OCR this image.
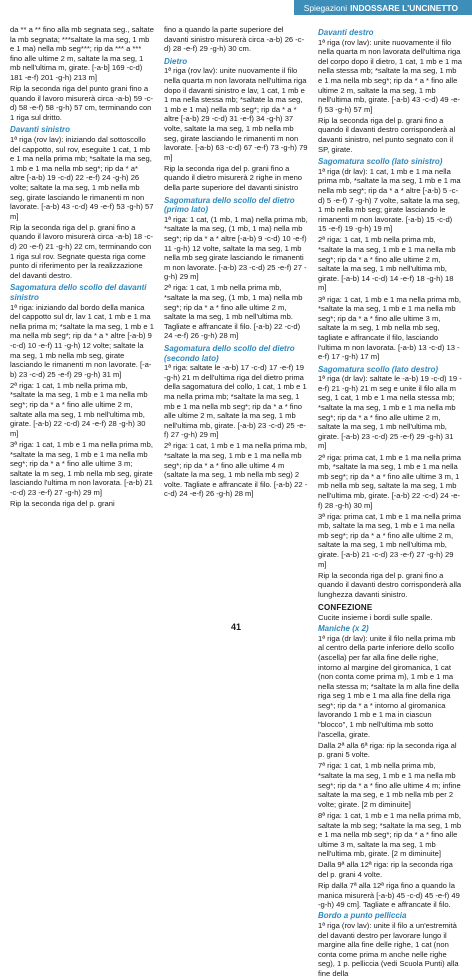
Spiegazioni INDOSSARE L'UNCINETTO

da ** a ** fino alla mb segnata seg., saltate la mb segnata; ***saltate la ma seg, 1 mb e 1 ma) nella mb seg***; rip da *** a *** fino alle ultime 2 m, saltate la ma seg, 1 mb nell'ultima m, girate. [-a-b] 169 -c-d) 181 -e-f) 201 -g-h) 213 m]

Rip la seconda riga del punto grani fino a quando il lavoro misurerà circa -a-b) 59 -c-d) 58 -e-f) 58 -g-h) 57 cm, terminando con 1 riga sul dritto.

Davanti sinistro

1ª riga (rov lav): iniziando dal sottoscollo del cappotto, sul rov, eseguite 1 cat, 1 mb e 1 ma nella prima mb; *saltate la ma seg, 1 mb e 1 ma nella mb seg*; rip da * a* altre [-a-b) 19 -c-d) 22 -e-f) 24 -g-h) 26 volte; saltate la ma seg, 1 mb nella mb seg, girate lasciando le rimanenti m non lavorate. [-a-b) 43 -c-d) 49 -e-f) 53 -g-h) 57 m]

Rip la seconda riga del p. grani fino a quando il lavoro misurerà circa -a-b) 18 -c-d) 20 -e-f) 21 -g-h) 22 cm, terminando con 1 riga sul rov. Segnate questa riga come punto di riferimento per la realizzazione del davanti destro.

Sagomatura dello scollo del davanti sinistro

1ª riga: iniziando dal bordo della manica del cappotto sul dr, lav 1 cat, 1 mb e 1 ma nella prima m; *saltate la ma seg, 1 mb e 1 ma nella mb seg*; rip da * a * altre [-a-b) 9 -c-d) 10 -e-f) 11 -g-h) 12 volte; saltate la ma seg, 1 mb nella mb seg, girate lasciando le rimanenti m non lavorate. [-a-b) 23 -c-d) 25 -e-f) 29 -g-h) 31 m]

2ª riga: 1 cat, 1 mb nella prima mb, *saltate la ma seg, 1 mb e 1 ma nella mb seg*; rip da * a * fino alle ultime 2 m, saltate alla ma seg, 1 mb nell'ultima mb, girate. [-a-b) 22 -c-d) 24 -e-f) 28 -g-h) 30 m]

3ª riga: 1 cat, 1 mb e 1 ma nella prima mb, *saltate la ma seg, 1 mb e 1 ma nella mb seg*; rip da * a * fino alle ultime 3 m; saltate la m seg, 1 mb nella mb seg, girate lasciando l'ultima m non lavorata. [-a-b) 21 -c-d) 23 -e-f) 27 -g-h) 29 m]

Rip la seconda riga del p. grani

fino a quando la parte superiore del davanti sinistro misurerà circa -a-b) 26 -c-d) 28 -e-f) 29 -g-h) 30 cm.

Dietro

1ª riga (rov lav): unite nuovamente il filo nella quarta m non lavorata nell'ultima riga dopo il davanti sinistro e lav, 1 cat, 1 mb e 1 ma nella stessa mb; *saltate la ma seg, 1 mb e 1 ma) nella mb seg*; rip da * a * altre [-a-b) 29 -c-d) 31 -e-f) 34 -g-h) 37 volte, saltate la ma seg, 1 mb nella mb seg, girate lasciando le rimanenti m non lavorate. [-a-b) 63 -c-d) 67 -e-f) 73 -g-h) 79 m]

Rip la seconda riga del p. grani fino a quando il dietro misurerà 2 righe in meno della parte superiore del davanti sinistro

Sagomatura dello scollo del dietro (primo lato)

1ª riga: 1 cat, (1 mb, 1 ma) nella prima mb, *saltate la ma seg, (1 mb, 1 ma) nella mb seg*; rip da * a * altre [-a-b) 9 -c-d) 10 -e-f) 11 -g-h) 12 volte, saltate la ma seg, 1 mb nella mb seg girate lasciando le rimanenti m non lavorate. [-a-b) 23 -c-d) 25 -e-f) 27 -g-h) 29 m]

2ª riga: 1 cat, 1 mb nella prima mb, *saltate la ma seg, (1 mb, 1 ma) nella mb seg*; rip da * a * fino alle ultime 2 m, saltate la ma seg, 1 mb nell'ultima mb. Tagliate e affrancate il filo. [-a-b) 22 -c-d) 24 -e-f) 26 -g-h) 28 m]

Sagomatura dello scollo del dietro (secondo lato)

1ª riga: saltate le -a-b) 17 -c-d) 17 -e-f) 19 -g-h) 21 m dell'ultima riga del dietro prima della sagomatura del collo, 1 cat, 1 mb e 1 ma nella prima mb; *saltate la ma seg, 1 mb e 1 ma nella mb seg*; rip da * a * fino alle ultime 2 m, saltate la ma seg, 1 mb nell'ultima mb, girate. [-a-b) 23 -c-d) 25 -e-f) 27 -g-h) 29 m]

2ª riga: 1 cat, 1 mb e 1 ma nella prima mb, *saltate la ma seg, 1 mb e 1 ma nella mb seg*; rip da * a * fino alle ultime 4 m (saltate la ma seg, 1 mb nella mb seg) 2 volte. Tagliate e affrancate il filo. [-a-b) 22 -c-d) 24 -e-f) 26 -g-h) 28 m]

Davanti destro

1ª riga (rov lav): unite nuovamente il filo nella quarta m non lavorata dell'ultima riga del corpo dopo il dietro, 1 cat, 1 mb e 1 ma nella stessa mb; *saltate la ma seg, 1 mb e 1 ma nella mb seg*; rip da * a * fino alle ultime 2 m, saltate la ma seg, 1 mb nell'ultima mb, girate. [-a-b) 43 -c-d) 49 -e-f) 53 -g-h) 57 m]

Rip la seconda riga del p. grani fino a quando il davanti destro corrisponderà al davanti sinistro, nel punto segnato con il SP, girate.

Sagomatura scollo (lato sinistro)

1ª riga (dr lav): 1 cat, 1 mb e 1 ma nella prima mb, *saltate la ma seg, 1 mb e 1 ma nella mb seg*; rip da * a * altre [-a-b) 5 -c-d) 5 -e-f) 7 -g-h) 7 volte, saltate la ma seg, 1 mb nella mb seg; girate lasciando le rimanenti m non lavorate. [-a-b) 15 -c-d) 15 -e-f) 19 -g-h) 19 m]

2ª riga: 1 cat, 1 mb nella prima mb, *saltate la ma seg, 1 mb e 1 ma nella mb seg*; rip da * a * fino alle ultime 2 m, saltate la ma seg, 1 mb nell'ultima mb, girate. [-a-b) 14 -c-d) 14 -e-f) 18 -g-h) 18 m]

3ª riga: 1 cat, 1 mb e 1 ma nella prima mb, *saltate la ma seg, 1 mb e 1 ma nella mb seg*; rip da * a * fino alle ultime 3 m, saltate la m seg, 1 mb nella mb seg, tagliate e affrancate il filo, lasciando l'ultima m non lavorata. [-a-b) 13 -c-d) 13 -e-f) 17 -g-h) 17 m]

Sagomatura scollo (lato destro)

1ª riga (dr lav): saltate le -a-b) 19 -c-d) 19 -e-f) 21 -g-h) 21 m seg e unite il filo alla m seg, 1 cat, 1 mb e 1 ma nella stessa mb; *saltate la ma seg, 1 mb e 1 ma nella mb seg*; rip da * a * fino alle ultime 2 m, saltate la ma seg, 1 mb nell'ultima mb, girate. [-a-b) 23 -c-d) 25 -e-f) 29 -g-h) 31 m]

2ª riga: prima cat, 1 mb e 1 ma nella prima mb, *saltate la ma seg, 1 mb e 1 ma nella mb seg*; rip da * a * fino alle ultime 3 m, 1 mb nella mb seg, saltate la ma seg, 1 mb nell'ultima mb, girate. [-a-b) 22 -c-d) 24 -e-f) 28 -g-h) 30 m]

3ª riga: prima cat, 1 mb e 1 ma nella prima mb, saltate la ma seg, 1 mb e 1 ma nella mb seg*; rip da * a * fino alle ultime 2 m, saltate la ma seg, 1 mb nell'ultima mb, girate. [-a-b) 21 -c-d) 23 -e-f) 27 -g-h) 29 m]

Rip la seconda riga del p. grani fino a quando il davanti destro corrisponderà alla lunghezza davanti sinistro.

CONFEZIONE

Cucite insieme i bordi sulle spalle.

Maniche (x 2)

1ª riga (dr lav): unite il filo nella prima mb al centro della parte inferiore dello scollo (ascella) per far alla fine delle righe, intorno al margine del giromanica, 1 cat (non conta come prima m), 1 mb e 1 ma nella stessa m; *saltate la m alla fine della riga seg 1 mb e 1 ma alla fine della riga seg*; rip da * a * intorno al giromanica lavorando 1 mb e 1 ma in ciascun "blocco", 1 mb nell'ultima mb sotto l'ascella, girate.

Dalla 2ª alla 6ª riga: rip la seconda riga al p. grani 5 volte.

7ª riga: 1 cat, 1 mb nella prima mb, *saltate la ma seg, 1 mb e 1 ma nella mb seg*; rip da * a * fino alle ultime 4 m; infine saltate la ma seg, e 1 mb nella mb per 2 volte; girate. [2 m diminuite]

8ª riga: 1 cat, 1 mb e 1 ma nella prima mb, saltate la mb seg; *saltate la ma seg, 1 mb e 1 ma nella mb seg*; rip da * a * fino alle ultime 3 m, saltate la ma seg, 1 mb nell'ultima mb, girate. [2 m diminuite]

Dalla 9ª alla 12ª riga: rip la seconda riga del p. grani 4 volte.

Rip dalla 7ª alla 12ª riga fino a quando la manica misurerà [-a-b) 45 -c-d) 45 -e-f) 49 -g-h) 49 cm]. Tagliate e affrancate il filo.

Bordo a punto pelliccia

1ª riga (rov lav): unite il filo a un'estremità del davanti destro per lavorare lungo il margine alla fine delle righe, 1 cat (non conta come prima m anche nelle righe seg), 1 p. pelliccia (vedi Scuola Punti) alla fine della

41
